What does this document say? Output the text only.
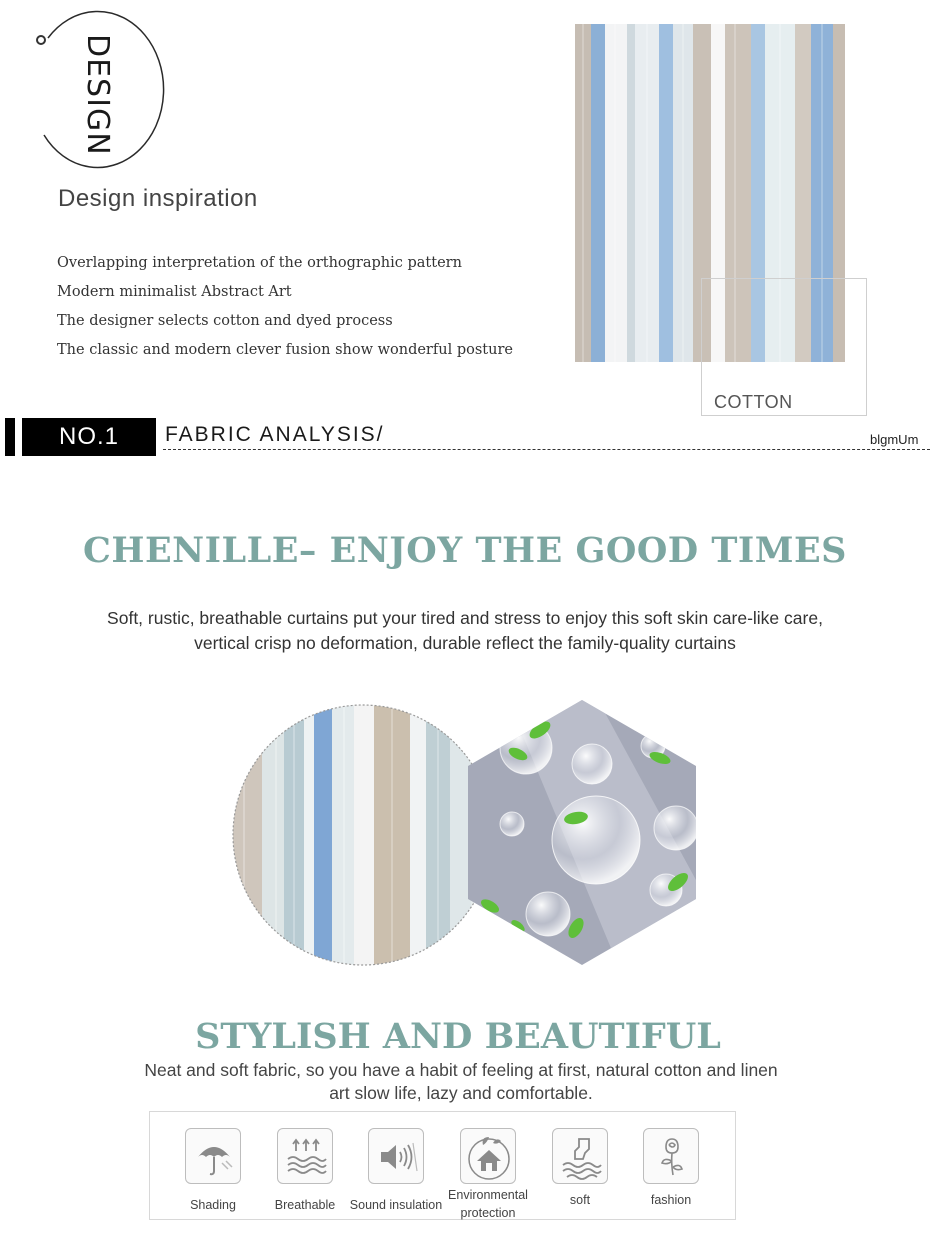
DESIGN
Design inspiration
Overlapping interpretation of the orthographic pattern
Modern minimalist Abstract Art
The designer selects cotton and dyed process
The classic and modern clever fusion show wonderful posture
COTTON
NO.1	FABRIC ANALYSIS/	blgmUm
CHENILLE– ENJOY THE GOOD TIMES
Soft, rustic, breathable curtains put your tired and stress to enjoy this soft skin care-like care,
vertical crisp no deformation, durable reflect the family-quality curtains
STYLISH AND BEAUTIFUL
Neat and soft fabric, so you have a habit of feeling at first, natural cotton and linen
art slow life, lazy and comfortable.
Shading	Breathable	Sound insulation
Environmental
protection
soft	fashion
